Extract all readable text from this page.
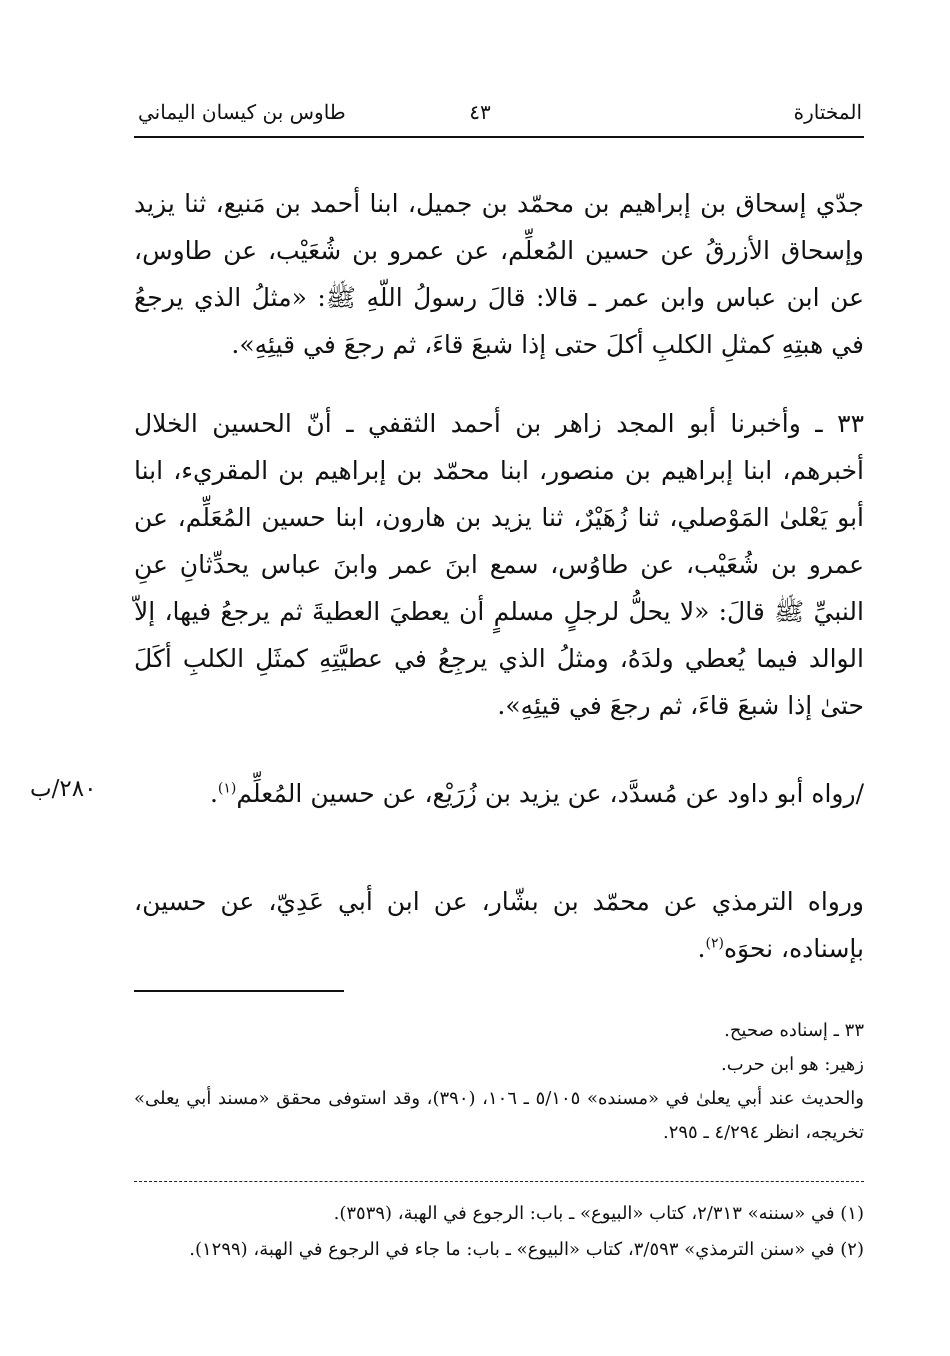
المختارة
٤٣
طاوس بن كيسان اليماني

جدّي إسحاق بن إبراهيم بن محمّد بن جميل، ابنا أحمد بن مَنيع، ثنا يزيد وإسحاق الأزرقُ عن حسين المُعلِّم، عن عمرو بن شُعَيْب، عن طاوس، عن ابن عباس وابن عمر ـ قالا: قالَ رسولُ اللّهِ ﷺ: «مثلُ الذي يرجعُ في هبتِهِ كمثلِ الكلبِ أكلَ حتى إذا شبعَ قاءَ، ثم رجعَ في قيئِهِ».

٣٣ ـ وأخبرنا أبو المجد زاهر بن أحمد الثقفي ـ أنّ الحسين الخلال أخبرهم، ابنا إبراهيم بن منصور، ابنا محمّد بن إبراهيم بن المقريء، ابنا أبو يَعْلىٰ المَوْصلي، ثنا زُهَيْرٌ، ثنا يزيد بن هارون، ابنا حسين المُعَلِّم، عن عمرو بن شُعَيْب، عن طاوُس، سمع ابنَ عمر وابنَ عباس يحدِّثانِ عنِ النبيِّ ﷺ قالَ: «لا يحلُّ لرجلٍ مسلمٍ أن يعطيَ العطيةَ ثم يرجعُ فيها، إلاّ الوالد فيما يُعطي ولدَهُ، ومثلُ الذي يرجِعُ في عطيَّتِهِ كمثَلِ الكلبِ أكَلَ حتىٰ إذا شبعَ قاءَ، ثم رجعَ في قيئِهِ».

/رواه أبو داود عن مُسدَّد، عن يزيد بن زُرَيْع، عن حسين المُعلِّم$^{(١)}$.

٢٨٠/ب

ورواه الترمذي عن محمّد بن بشّار، عن ابن أبي عَدِيّ، عن حسين، بإسناده، نحوَه$^{(٢)}$.

٣٣ ـ إسناده صحيح.

زهير: هو ابن حرب.

والحديث عند أبي يعلىٰ في «مسنده» ٥/١٠٥ ـ ١٠٦، (٣٩٠)، وقد استوفى محقق «مسند أبي يعلى» تخريجه، انظر ٤/٢٩٤ ـ ٢٩٥.

(١) في «سننه» ٢/٣١٣، كتاب «البيوع» ـ باب: الرجوع في الهبة، (٣٥٣٩).

(٢) في «سنن الترمذي» ٣/٥٩٣، كتاب «البيوع» ـ باب: ما جاء في الرجوع في الهبة، (١٢٩٩).
